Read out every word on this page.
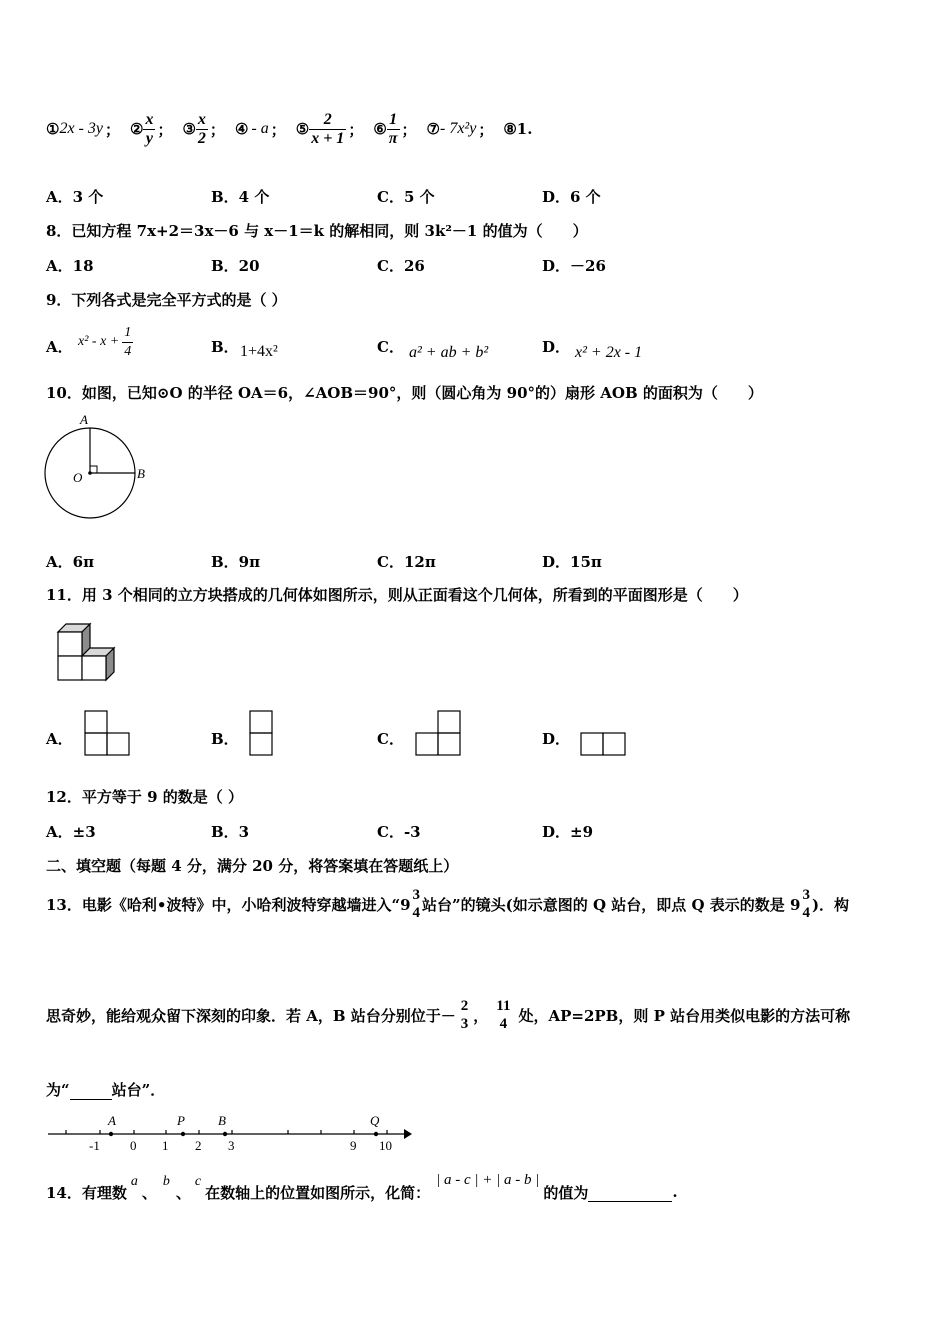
① 2x - 3y ； ② $\frac{x}{y}$ ； ③ $\frac{x}{2}$ ； ④ - a ； ⑤ $\frac{2}{x + 1}$ ； ⑥ $\frac{1}{\pi}$ ； ⑦ - 7x²y ； ⑧ 1.
A．3 个	B．4 个	C．5 个	D．6 个
8．已知方程 7x+2＝3x－6 与 x－1＝k 的解相同，则 3k²－1 的值为（　　）
A．18	B．20	C．26	D．－26
9．下列各式是完全平方式的是（ ）
A． $x^2 - x + \frac{1}{4}$	B． 1+4x²	C． a² + ab + b²	D． x² + 2x - 1
10．如图，已知⊙O 的半径 OA＝6，∠AOB＝90°，则（圆心角为 90°的）扇形 AOB 的面积为（　　）
A
O	B
A．6π	B．9π	C．12π	D．15π
11．用 3 个相同的立方块搭成的几何体如图所示，则从正面看这个几何体，所看到的平面图形是（　　）
A．	B．	C．	D．
12．平方等于 9 的数是（ ）
A．±3	B．3	C．-3	D．±9
二、填空题（每题 4 分，满分 20 分，将答案填在答题纸上）
13．电影《哈利•波特》中，小哈利波特穿越墙进入“9
3
4 站台”的镜头(如示意图的 Q 站台，即点 Q 表示的数是 9
3
4 )．构
思奇妙，能给观众留下深刻的印象．若 A，B 站台分别位于－
2
3 ，
11
4 处，AP=2PB，则 P 站台用类似电影的方法可称
为“	站台”．
A	P	B	Q
-1 0 1 2 3	9 10
14．有理数
a
、
b
、
c
在数轴上的位置如图所示，化简：
| a - c | + | a - b |
的值为
	.
